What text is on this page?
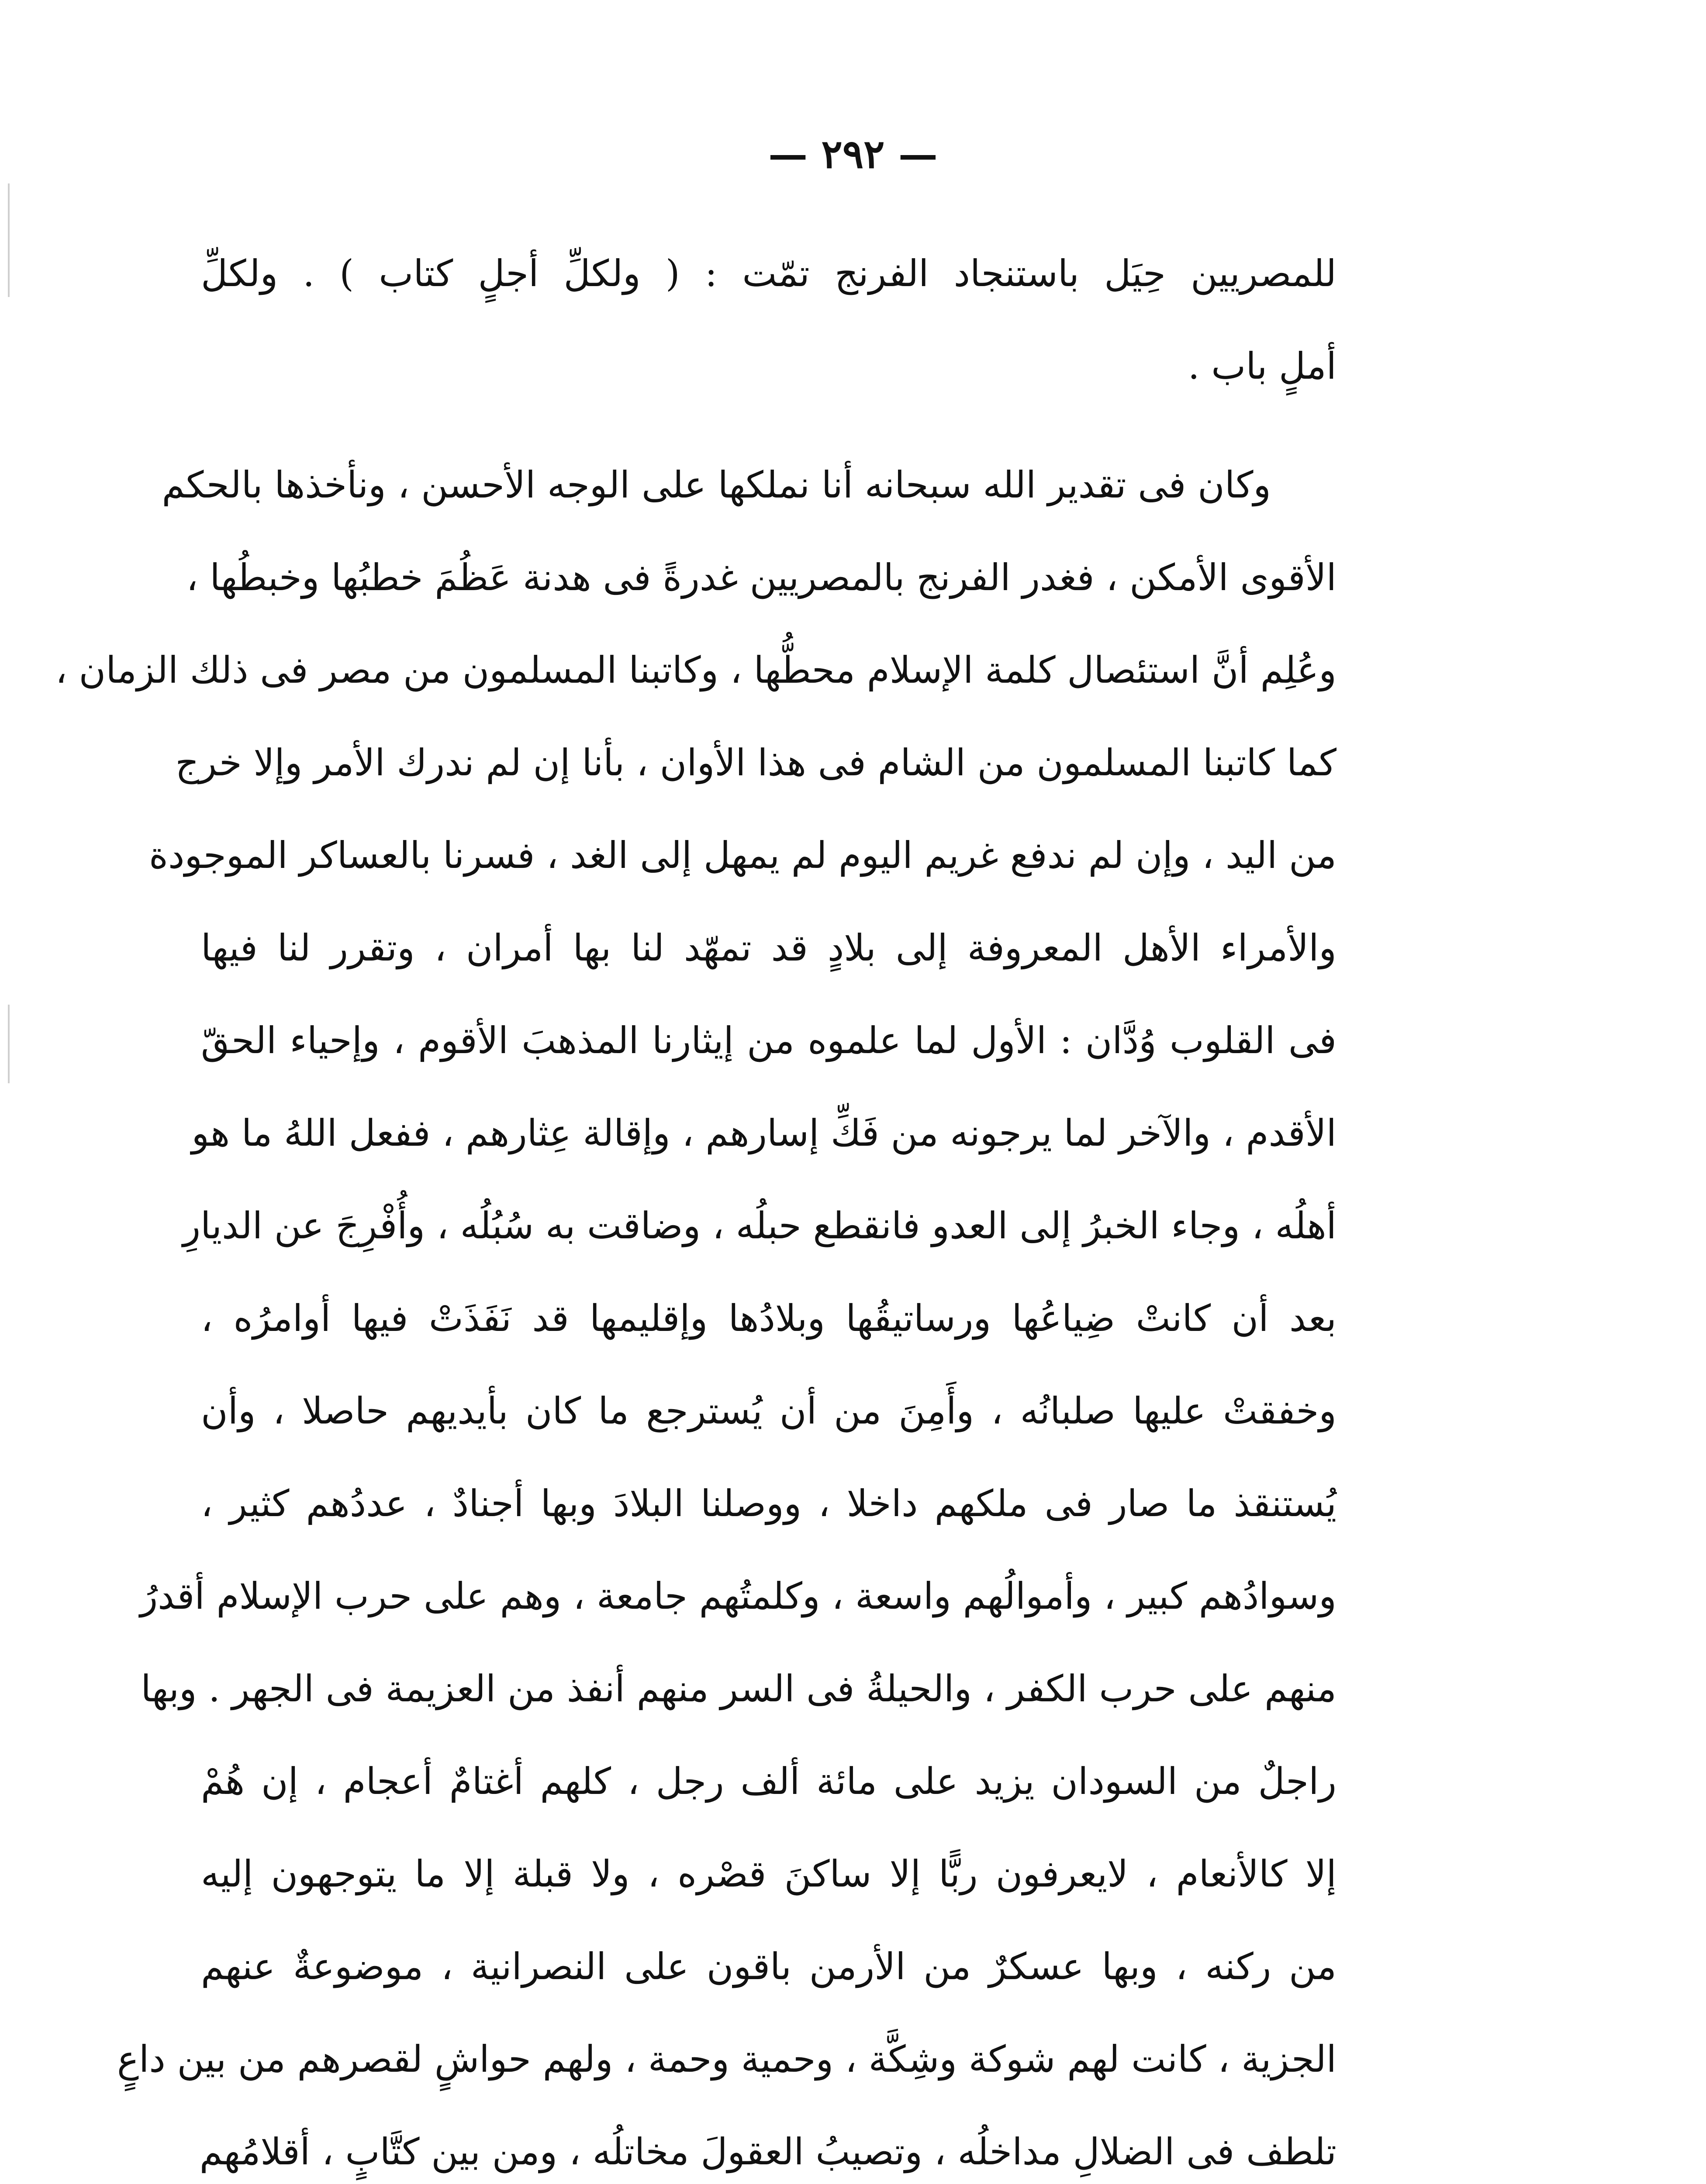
— ٢٩٢ —
للمصريين حِيَل باستنجاد الفرنج تمّت : ( ولكلِّ أجلٍ كتاب ) . ولكلِّ
أملٍ باب .
وكان فى تقدير الله سبحانه أنا نملكها على الوجه الأحسن ، ونأخذها بالحكم
الأقوى الأمكن ، فغدر الفرنج بالمصريين غدرةً فى هدنة عَظُمَ خطبُها وخبطُها ،
وعُلِم أنَّ استئصال كلمة الإسلام محطُّها ، وكاتبنا المسلمون من مصر فى ذلك الزمان ،
كما كاتبنا المسلمون من الشام فى هذا الأوان ، بأنا إن لم ندرك الأمر وإلا خرج
من اليد ، وإن لم ندفع غريم اليوم لم يمهل إلى الغد ، فسرنا بالعساكر الموجودة
والأمراء الأهل المعروفة إلى بلادٍ قد تمهّد لنا بها أمران ، وتقرر لنا فيها
فى القلوب وُدَّان : الأول لما علموه من إيثارنا المذهبَ الأقوم ، وإحياء الحقّ
الأقدم ، والآخر لما يرجونه من فَكِّ إسارهم ، وإقالة عِثارهم ، ففعل اللهُ ما هو
أهلُه ، وجاء الخبرُ إلى العدو فانقطع حبلُه ، وضاقت به سُبُلُه ، وأُفْرِجَ عن الديارِ
بعد أن كانتْ ضِياعُها ورساتيقُها وبلادُها وإقليمها قد نَفَذَتْ فيها أوامرُه ،
وخفقتْ عليها صلبانُه ، وأَمِنَ من أن يُسترجع ما كان بأيديهم حاصلا ، وأن
يُستنقذ ما صار فى ملكهم داخلا ، ووصلنا البلادَ وبها أجنادٌ ، عددُهم كثير ،
وسوادُهم كبير ، وأموالُهم واسعة ، وكلمتُهم جامعة ، وهم على حرب الإسلام أقدرُ
منهم على حرب الكفر ، والحيلةُ فى السر منهم أنفذ من العزيمة فى الجهر . وبها
راجلٌ من السودان يزيد على مائة ألف رجل ، كلهم أغتامٌ أعجام ، إن هُمْ
إلا كالأنعام ، لايعرفون ربًّا إلا ساكنَ قصْره ، ولا قبلة إلا ما يتوجهون إليه
من ركنه ، وبها عسكرٌ من الأرمن باقون على النصرانية ، موضوعةٌ عنهم
الجزية ، كانت لهم شوكة وشِكَّة ، وحمية وحمة ، ولهم حواشٍ لقصرهم من بين داعٍ
تلطف فى الضلالِ مداخلُه ، وتصيبُ العقولَ مخاتلُه ، ومن بين كتَّابٍ ، أقلامُهم
